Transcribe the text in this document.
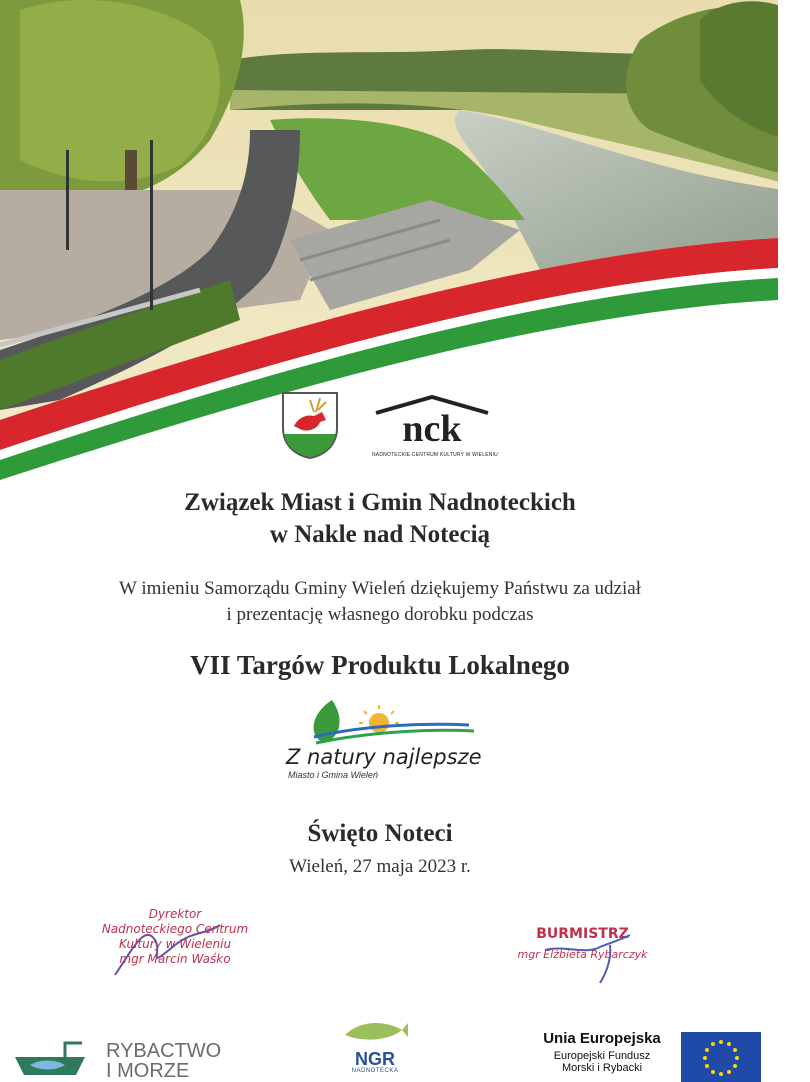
nck
NADNOTECKIE CENTRUM KULTURY W WIELENIU
Związek Miast i Gmin Nadnoteckich
w Nakle nad Notecią
W imieniu Samorządu Gminy Wieleń dziękujemy Państwu za udział
i prezentację własnego dorobku podczas
VII Targów Produktu Lokalnego
Z natury najlepsze
Miasto i Gmina Wieleń
Święto Noteci
Wieleń, 27 maja 2023 r.
Dyrektor
Nadnoteckiego Centrum
Kultury w Wieleniu
mgr Marcin Waśko
BURMISTRZ
mgr Elżbieta Rybarczyk
RYBACTWO
I MORZE
NGR
NADNOTECKA
Unia Europejska
Europejski Fundusz
Morski i Rybacki
